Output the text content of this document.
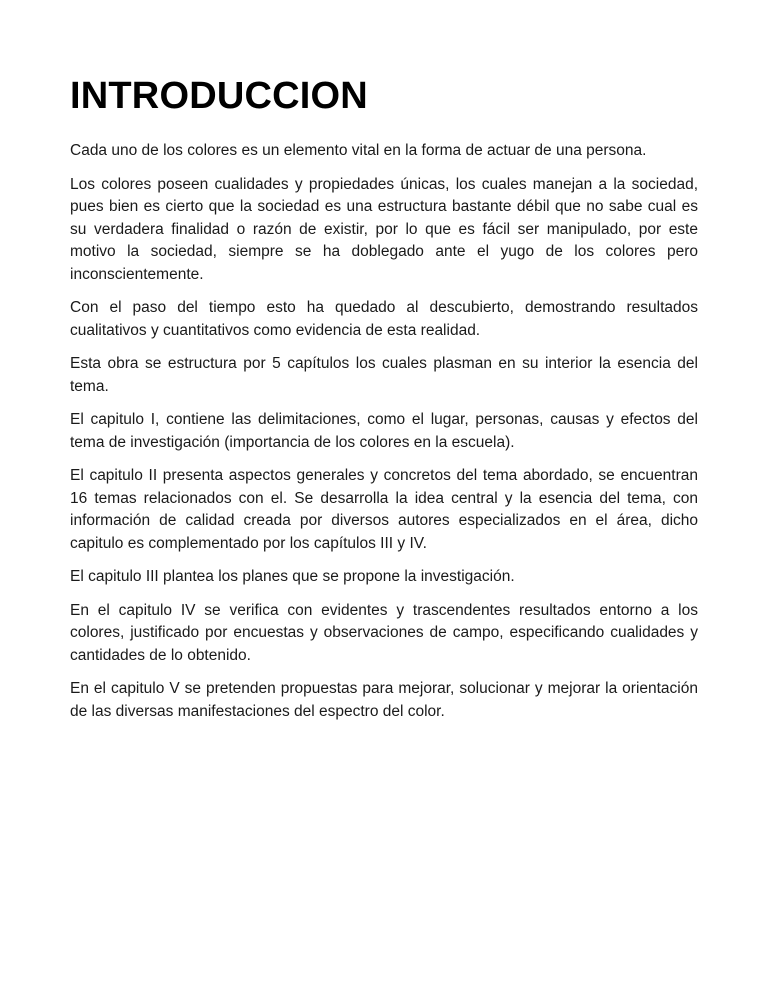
INTRODUCCION

Cada uno de los colores es un elemento vital en la forma de actuar de una persona.

Los colores poseen cualidades y propiedades únicas, los cuales manejan a la sociedad, pues bien es cierto que la sociedad es una estructura bastante débil que no sabe cual es su verdadera finalidad o razón de existir, por lo que es fácil ser manipulado, por este motivo la sociedad, siempre se ha doblegado ante el yugo de los colores pero inconscientemente.

Con el paso del tiempo esto ha quedado al descubierto, demostrando resultados cualitativos y cuantitativos como evidencia de esta realidad.

Esta obra se estructura por 5 capítulos los cuales plasman en su interior la esencia del tema.

El capitulo I, contiene las delimitaciones, como el lugar, personas, causas y efectos del tema de investigación (importancia de los colores en la escuela).

El capitulo II presenta aspectos generales y concretos del tema abordado, se encuentran 16 temas relacionados con el. Se desarrolla la idea central y la esencia del tema, con información de calidad creada por diversos autores especializados en el área, dicho capitulo es complementado por los capítulos III y IV.

El capitulo III plantea los planes que se propone la investigación.

En el capitulo IV se verifica con evidentes y trascendentes resultados entorno a los colores, justificado por encuestas y observaciones de campo, especificando cualidades y cantidades de lo obtenido.

En el capitulo V se pretenden propuestas para mejorar, solucionar y mejorar la orientación de las diversas manifestaciones del espectro del color.
